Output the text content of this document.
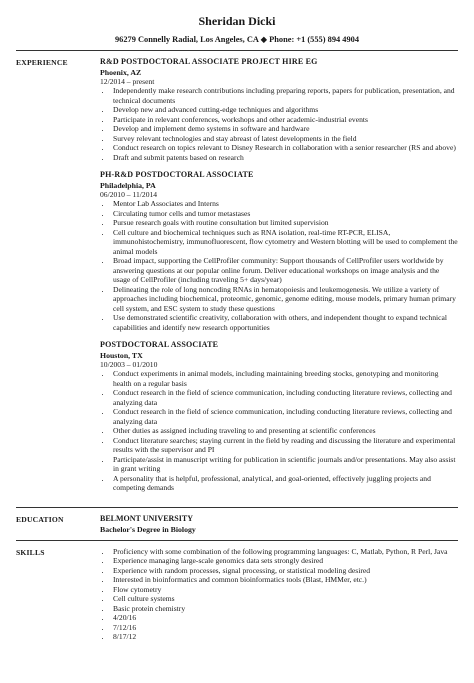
Sheridan Dicki
96279 Connelly Radial, Los Angeles, CA ◆ Phone: +1 (555) 894 4904
EXPERIENCE	R&D POSTDOCTORAL ASSOCIATE PROJECT HIRE EG
Phoenix, AZ
12/2014 – present
• Independently make research contributions including preparing reports, papers for publication, presentation, and technical documents
• Develop new and advanced cutting-edge techniques and algorithms
• Participate in relevant conferences, workshops and other academic-industrial events
• Develop and implement demo systems in software and hardware
• Survey relevant technologies and stay abreast of latest developments in the field
• Conduct research on topics relevant to Disney Research in collaboration with a senior researcher (RS and above)
• Draft and submit patents based on research
PH-R&D POSTDOCTORAL ASSOCIATE
Philadelphia, PA
06/2010 – 11/2014
• Mentor Lab Associates and Interns
• Circulating tumor cells and tumor metastases
• Pursue research goals with routine consultation but limited supervision
• Cell culture and biochemical techniques such as RNA isolation, real-time RT-PCR, ELISA, immunohistochemistry, immunofluorescent, flow cytometry and Western blotting will be used to complement the animal models
• Broad impact, supporting the CellProfiler community: Support thousands of CellProfiler users worldwide by answering questions at our popular online forum. Deliver educational workshops on image analysis and the usage of CellProfiler (including traveling 5+ days/year)
• Delineating the role of long noncoding RNAs in hematopoiesis and leukemogenesis. We utilize a variety of approaches including biochemical, proteomic, genomic, genome editing, mouse models, primary human primary cell system, and ESC system to study these questions
• Use demonstrated scientific creativity, collaboration with others, and independent thought to expand technical capabilities and identify new research opportunities
POSTDOCTORAL ASSOCIATE
Houston, TX
10/2003 – 01/2010
• Conduct experiments in animal models, including maintaining breeding stocks, genotyping and monitoring health on a regular basis
• Conduct research in the field of science communication, including conducting literature reviews, collecting and analyzing data
• Conduct research in the field of science communication, including conducting literature reviews, collecting and analyzing data
• Other duties as assigned including traveling to and presenting at scientific conferences
• Conduct literature searches; staying current in the field by reading and discussing the literature and experimental results with the supervisor and PI
• Participate/assist in manuscript writing for publication in scientific journals and/or presentations. May also assist in grant writing
• A personality that is helpful, professional, analytical, and goal-oriented, effectively juggling projects and competing demands
EDUCATION	BELMONT UNIVERSITY
Bachelor's Degree in Biology
SKILLS
•	Proficiency with some combination of the following programming languages: C, Matlab, Python, R Perl, Java
• Experience managing large-scale genomics data sets strongly desired
• Experience with random processes, signal processing, or statistical modeling desired
• Interested in bioinformatics and common bioinformatics tools (Blast, HMMer, etc.)
• Flow cytometry
• Cell culture systems
• Basic protein chemistry
• 4/20/16
• 7/12/16
• 8/17/12
